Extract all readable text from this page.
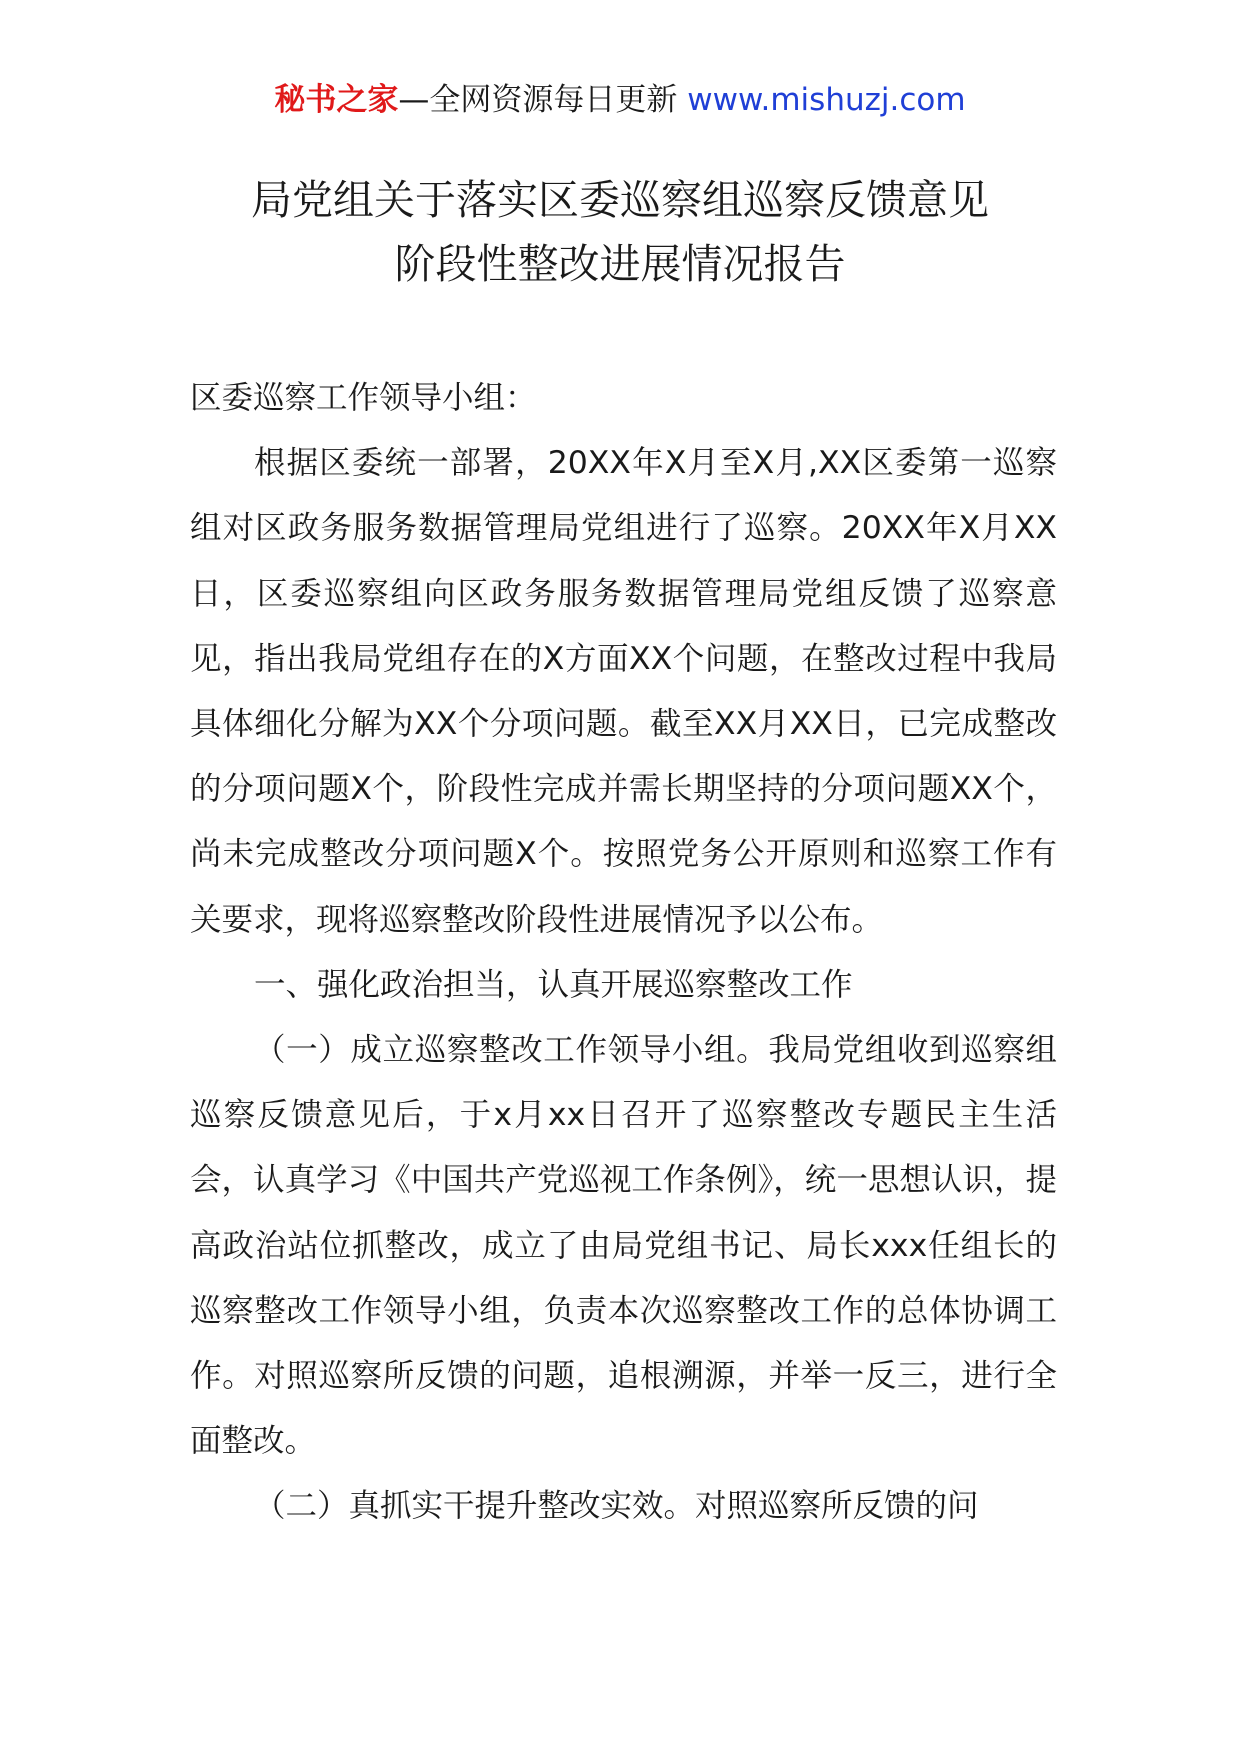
秘书之家—全网资源每日更新 www.mishuzj.com
局党组关于落实区委巡察组巡察反馈意见
阶段性整改进展情况报告

区委巡察工作领导小组：

根据区委统一部署，20XX年X月至X月,XX区委第一巡察组对区政务服务数据管理局党组进行了巡察。20XX年X月XX日，区委巡察组向区政务服务数据管理局党组反馈了巡察意见，指出我局党组存在的X方面XX个问题，在整改过程中我局具体细化分解为XX个分项问题。截至XX月XX日，已完成整改的分项问题X个，阶段性完成并需长期坚持的分项问题XX个，尚未完成整改分项问题X个。按照党务公开原则和巡察工作有关要求，现将巡察整改阶段性进展情况予以公布。

一、强化政治担当，认真开展巡察整改工作

（一）成立巡察整改工作领导小组。我局党组收到巡察组巡察反馈意见后，于x月xx日召开了巡察整改专题民主生活会，认真学习《中国共产党巡视工作条例》，统一思想认识，提高政治站位抓整改，成立了由局党组书记、局长xxx任组长的巡察整改工作领导小组，负责本次巡察整改工作的总体协调工作。对照巡察所反馈的问题，追根溯源，并举一反三，进行全面整改。

（二）真抓实干提升整改实效。对照巡察所反馈的问
